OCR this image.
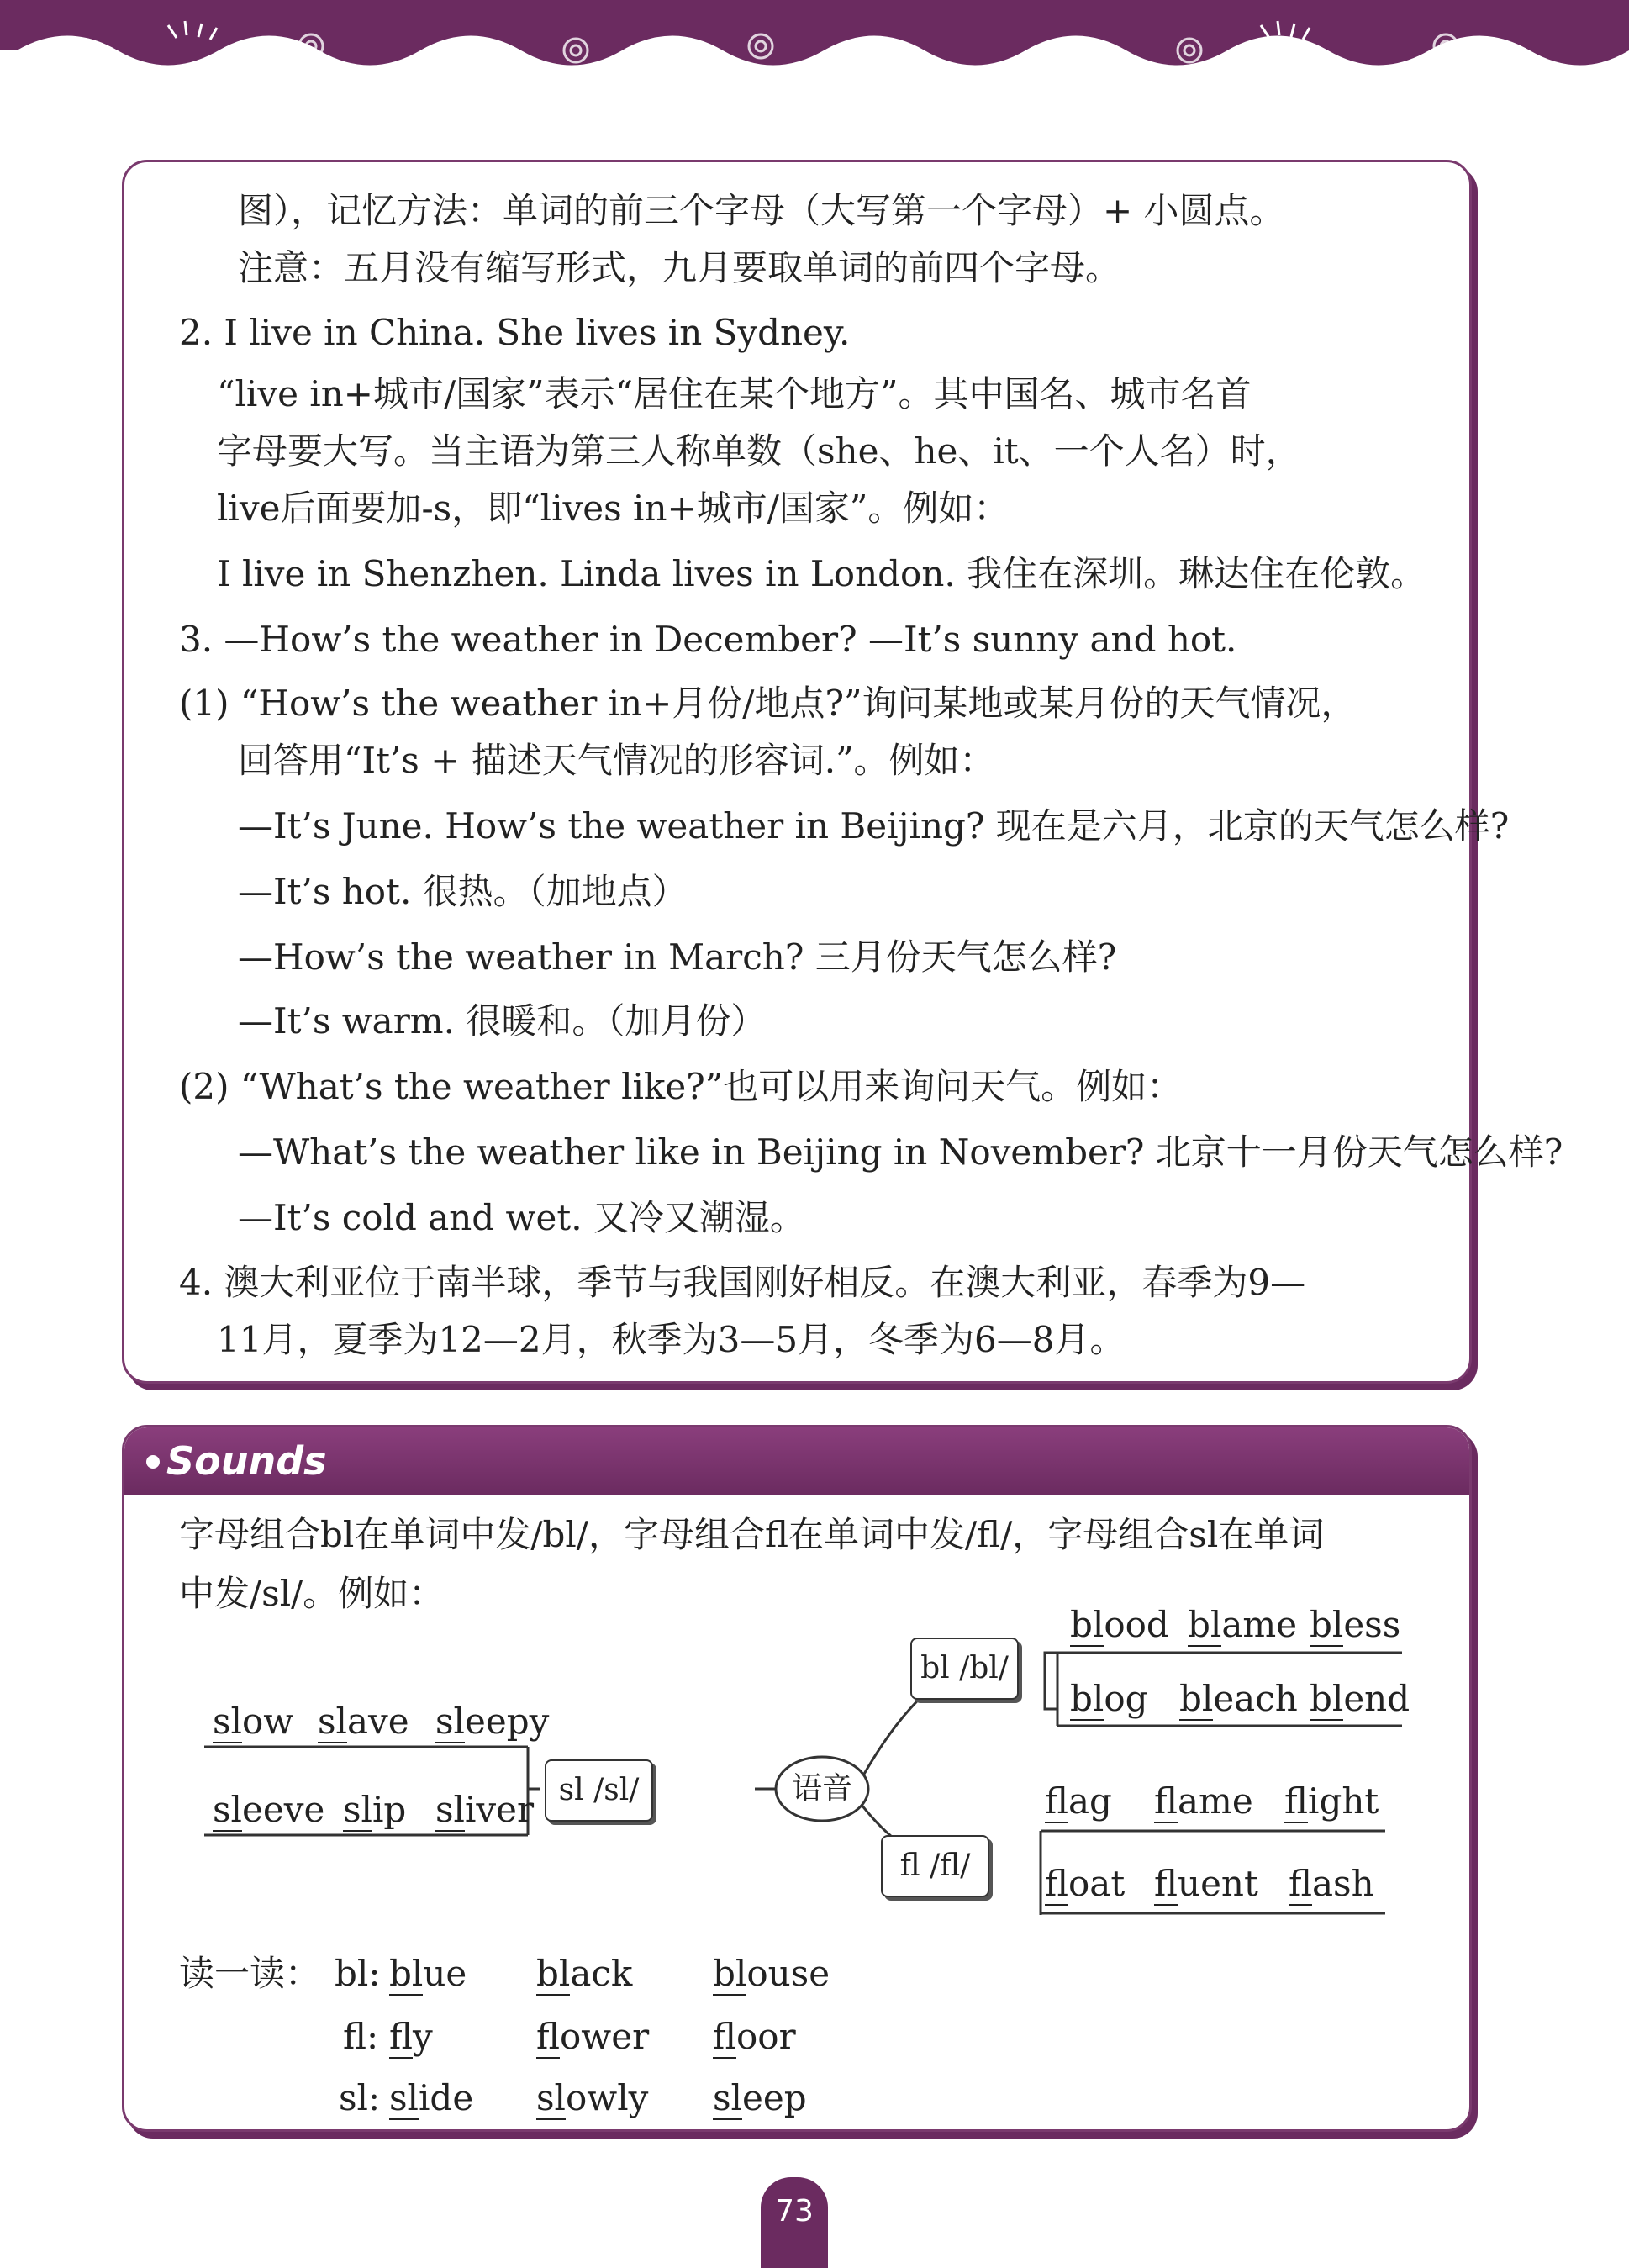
图），记忆方法：单词的前三个字母（大写第一个字母）+ 小圆点。
注意：五月没有缩写形式，九月要取单词的前四个字母。
2. I live in China. She lives in Sydney.
“live in+城市/国家”表示“居住在某个地方”。其中国名、城市名首
字母要大写。当主语为第三人称单数（she、he、it、一个人名）时，
live后面要加-s，即“lives in+城市/国家”。例如：
I live in Shenzhen. Linda lives in London. 我住在深圳。琳达住在伦敦。
3. —How’s the weather in December? —It’s sunny and hot.
(1) “How’s the weather in+月份/地点?”询问某地或某月份的天气情况，
回答用“It’s + 描述天气情况的形容词.”。例如：
—It’s June. How’s the weather in Beijing? 现在是六月，北京的天气怎么样?
—It’s hot. 很热。（加地点）
—How’s the weather in March? 三月份天气怎么样?
—It’s warm. 很暖和。（加月份）
(2) “What’s the weather like?”也可以用来询问天气。例如：
—What’s the weather like in Beijing in November? 北京十一月份天气怎么样?
—It’s cold and wet. 又冷又潮湿。
4. 澳大利亚位于南半球，季节与我国刚好相反。在澳大利亚，春季为9—
11月，夏季为12—2月，秋季为3—5月，冬季为6—8月。
Sounds
字母组合bl在单词中发/bl/，字母组合fl在单词中发/fl/，字母组合sl在单词
中发/sl/。例如：
语音
bl /bl/
fl /fl/
sl /sl/
blood blame bless
blog bleach blend
flag flame flight
float fluent flash
slow slave sleepy
sleeve slip sliver
读一读： bl: blue black blouse
fl: fly	flower floor
sl: slide slowly sleep
73
